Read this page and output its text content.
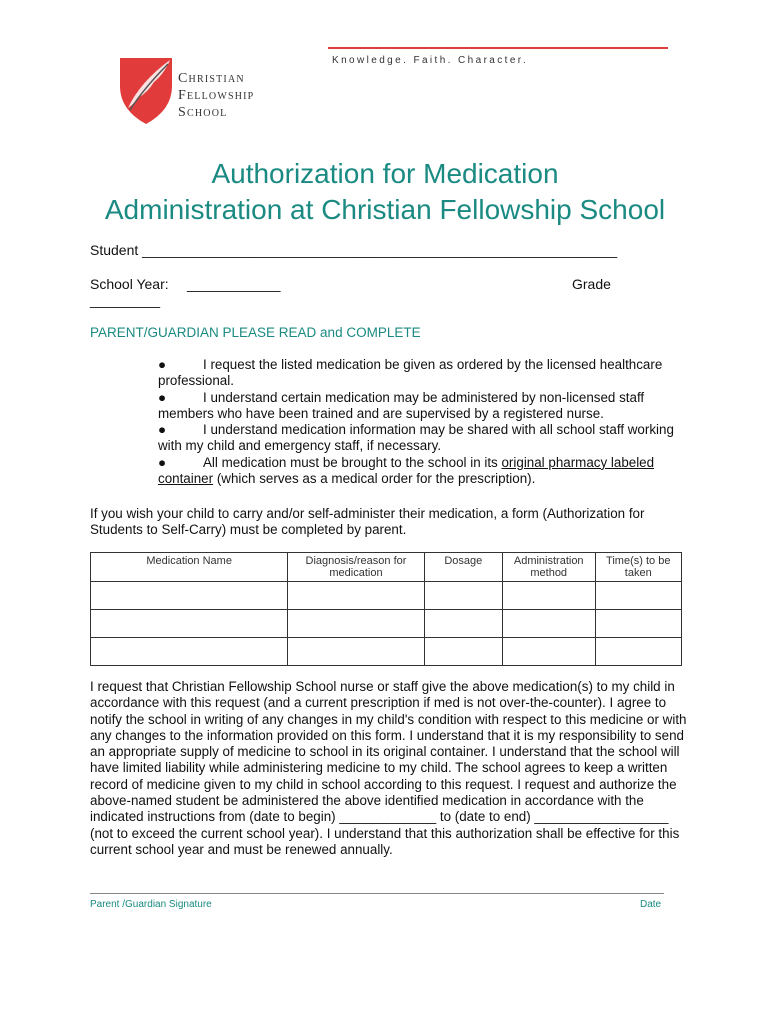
Knowledge. Faith. Character.
Christian
Fellowship
School
Authorization for Medication
Administration at Christian Fellowship School
Student _____________________________________________________________
School Year: ____________	Grade
_________
PARENT/GUARDIAN PLEASE READ and COMPLETE
●	I request the listed medication be given as ordered by the licensed healthcare professional.
●	I understand certain medication may be administered by non-licensed staff members who have been trained and are supervised by a registered nurse.
●	I understand medication information may be shared with all school staff working with my child and emergency staff, if necessary.
●	All medication must be brought to the school in its original pharmacy labeled container (which serves as a medical order for the prescription).
If you wish your child to carry and/or self-administer their medication, a form (Authorization for Students to Self-Carry) must be completed by parent.
Medication Name	Diagnosis/reason for medication	Dosage	Administration method	Time(s) to be taken

I request that Christian Fellowship School nurse or staff give the above medication(s) to my child in accordance with this request (and a current prescription if med is not over-the-counter). I agree to notify the school in writing of any changes in my child's condition with respect to this medicine or with any changes to the information provided on this form. I understand that it is my responsibility to send an appropriate supply of medicine to school in its original container. I understand that the school will have limited liability while administering medicine to my child. The school agrees to keep a written record of medicine given to my child in school according to this request. I request and authorize the above-named student be administered the above identified medication in accordance with the indicated instructions from (date to begin) _____________ to (date to end) __________________ (not to exceed the current school year). I understand that this authorization shall be effective for this current school year and must be renewed annually.
Parent /Guardian Signature	Date
